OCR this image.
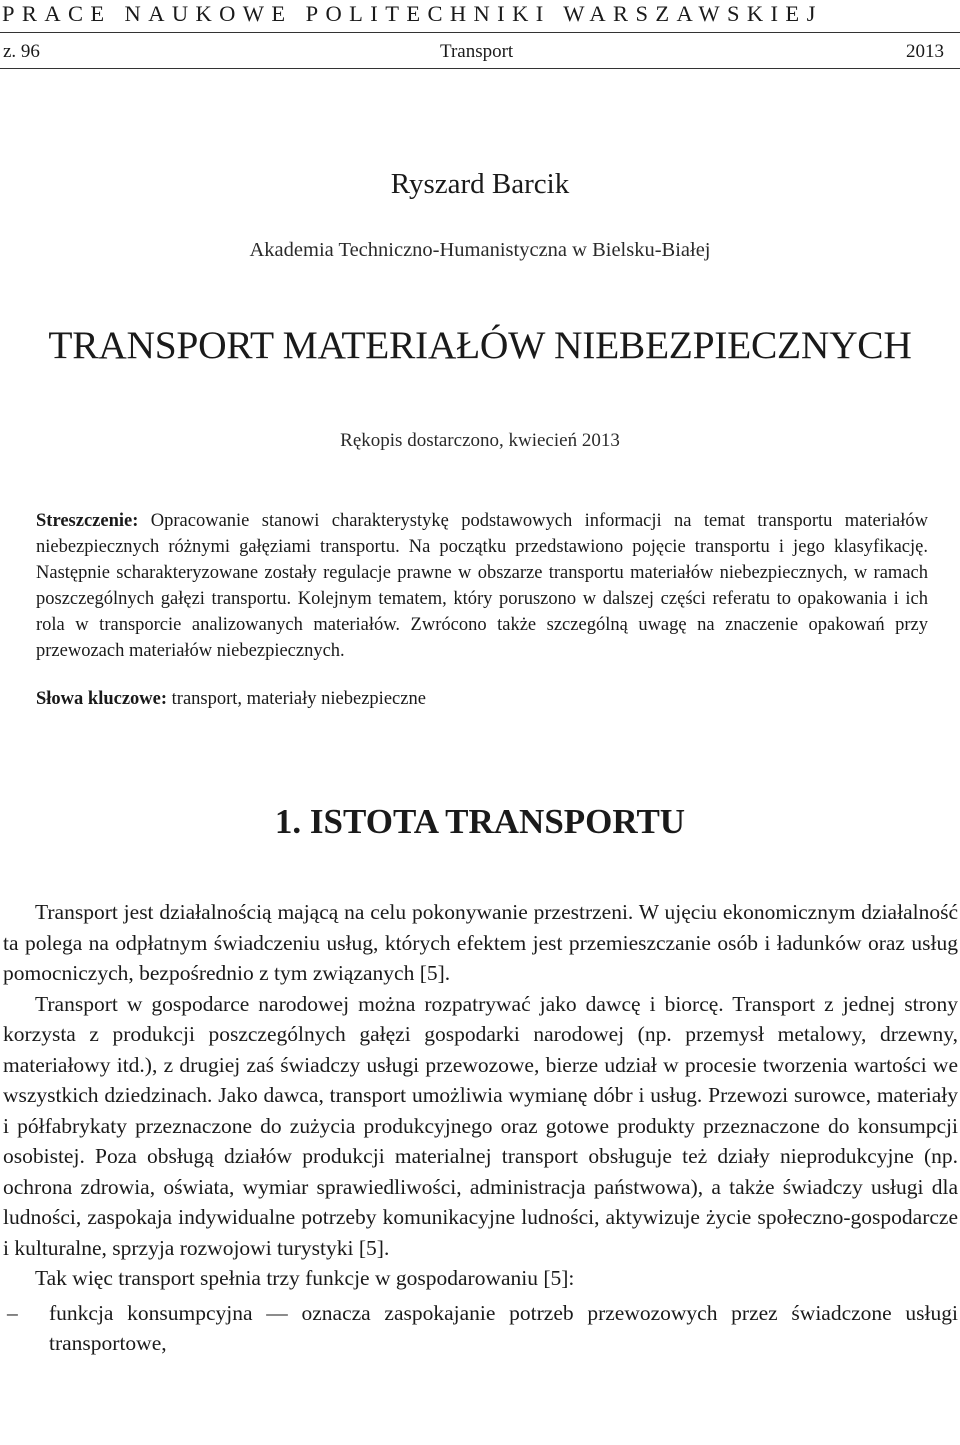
PRACE NAUKOWE POLITECHNIKI WARSZAWSKIEJ
z. 96	Transport	2013
Ryszard Barcik
Akademia Techniczno-Humanistyczna w Bielsku-Białej
TRANSPORT MATERIAŁÓW NIEBEZPIECZNYCH
Rękopis dostarczono, kwiecień 2013

Streszczenie: Opracowanie stanowi charakterystykę podstawowych informacji na temat transportu materiałów niebezpiecznych różnymi gałęziami transportu. Na początku przedstawiono pojęcie transportu i jego klasyfikację. Następnie scharakteryzowane zostały regulacje prawne w obszarze transportu materiałów niebezpiecznych, w ramach poszczególnych gałęzi transportu. Kolejnym tematem, który poruszono w dalszej części referatu to opakowania i ich rola w transporcie analizowanych materiałów. Zwrócono także szczególną uwagę na znaczenie opakowań przy przewozach materiałów niebezpiecznych.

Słowa kluczowe: transport, materiały niebezpieczne

1. ISTOTA TRANSPORTU

Transport jest działalnością mającą na celu pokonywanie przestrzeni. W ujęciu ekonomicznym działalność ta polega na odpłatnym świadczeniu usług, których efektem jest przemieszczanie osób i ładunków oraz usług pomocniczych, bezpośrednio z tym związanych [5].

Transport w gospodarce narodowej można rozpatrywać jako dawcę i biorcę. Transport z jednej strony korzysta z produkcji poszczególnych gałęzi gospodarki narodowej (np. przemysł metalowy, drzewny, materiałowy itd.), z drugiej zaś świadczy usługi przewozowe, bierze udział w procesie tworzenia wartości we wszystkich dziedzinach. Jako dawca, transport umożliwia wymianę dóbr i usług. Przewozi surowce, materiały i półfabrykaty przeznaczone do zużycia produkcyjnego oraz gotowe produkty przeznaczone do konsumpcji osobistej. Poza obsługą działów produkcji materialnej transport obsługuje też działy nieprodukcyjne (np. ochrona zdrowia, oświata, wymiar sprawiedliwości, administracja państwowa), a także świadczy usługi dla ludności, zaspokaja indywidualne potrzeby komunikacyjne ludności, aktywizuje życie społeczno-gospodarcze i kulturalne, sprzyja rozwojowi turystyki [5].

Tak więc transport spełnia trzy funkcje w gospodarowaniu [5]:

– funkcja konsumpcyjna — oznacza zaspokajanie potrzeb przewozowych przez świadczone usługi transportowe,
